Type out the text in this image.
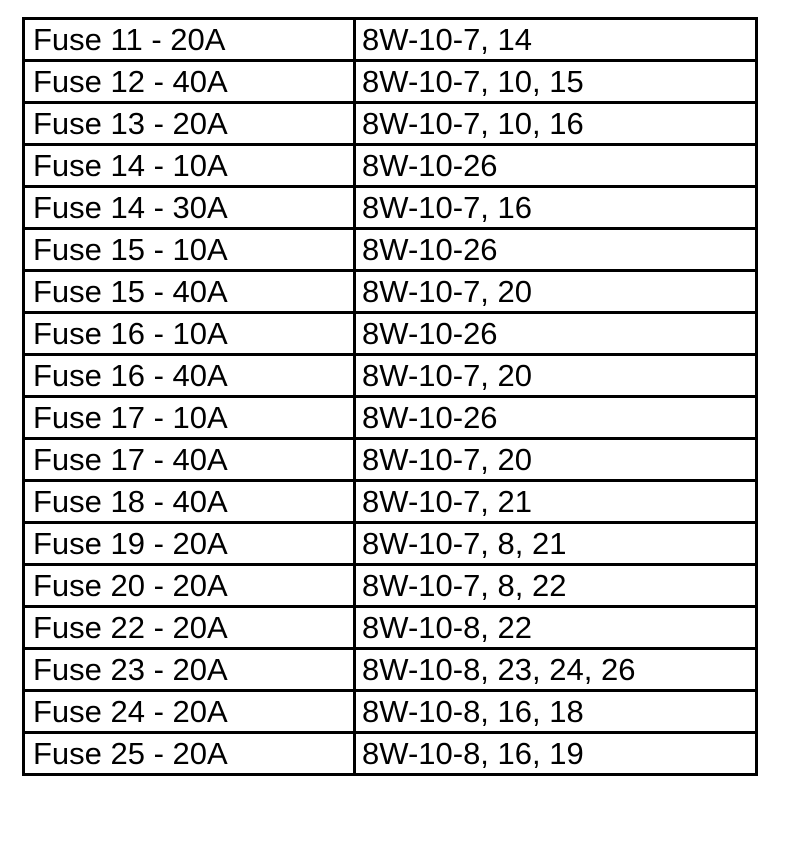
Fuse 11 - 20A	8W-10-7, 14
Fuse 12 - 40A	8W-10-7, 10, 15
Fuse 13 - 20A	8W-10-7, 10, 16
Fuse 14 - 10A	8W-10-26
Fuse 14 - 30A	8W-10-7, 16
Fuse 15 - 10A	8W-10-26
Fuse 15 - 40A	8W-10-7, 20
Fuse 16 - 10A	8W-10-26
Fuse 16 - 40A	8W-10-7, 20
Fuse 17 - 10A	8W-10-26
Fuse 17 - 40A	8W-10-7, 20
Fuse 18 - 40A	8W-10-7, 21
Fuse 19 - 20A	8W-10-7, 8, 21
Fuse 20 - 20A	8W-10-7, 8, 22
Fuse 22 - 20A	8W-10-8, 22
Fuse 23 - 20A	8W-10-8, 23, 24, 26
Fuse 24 - 20A	8W-10-8, 16, 18
Fuse 25 - 20A	8W-10-8, 16, 19
